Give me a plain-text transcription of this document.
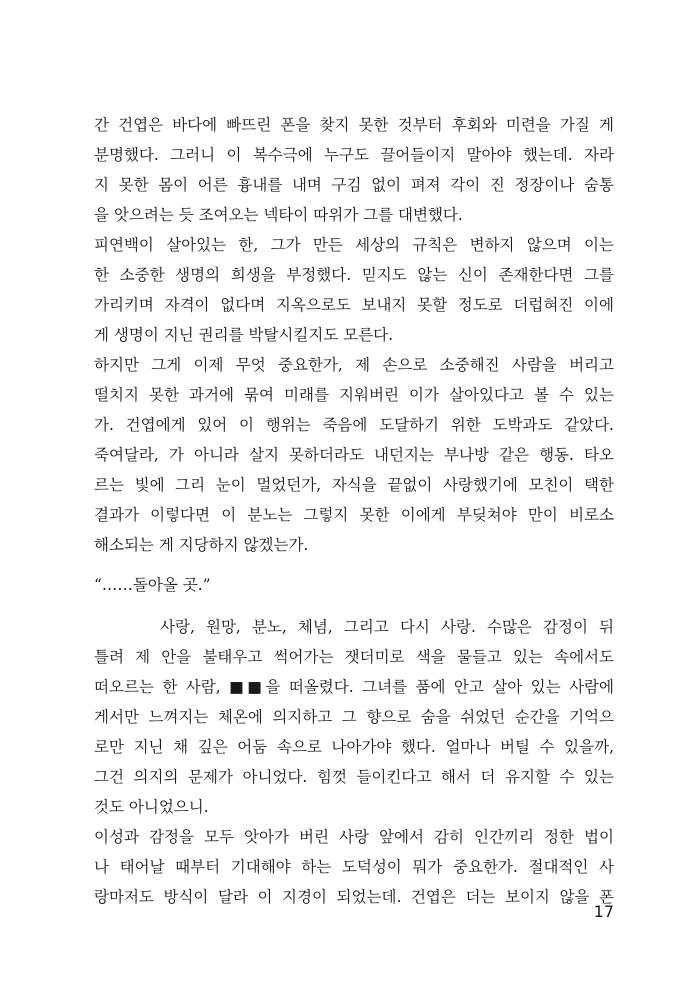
간 건엽은 바다에 빠뜨린 폰을 찾지 못한 것부터 후회와 미련을 가질 게
분명했다. 그러니 이 복수극에 누구도 끌어들이지 말아야 했는데. 자라
지 못한 몸이 어른 흉내를 내며 구김 없이 펴져 각이 진 정장이나 숨통
을 앗으려는 듯 조여오는 넥타이 따위가 그를 대변했다.
피연백이 살아있는 한, 그가 만든 세상의 규칙은 변하지 않으며 이는
한 소중한 생명의 희생을 부정했다. 믿지도 않는 신이 존재한다면 그를
가리키며 자격이 없다며 지옥으로도 보내지 못할 정도로 더럽혀진 이에
게 생명이 지닌 권리를 박탈시킬지도 모른다.
하지만 그게 이제 무엇 중요한가, 제 손으로 소중해진 사람을 버리고
떨치지 못한 과거에 묶여 미래를 지워버린 이가 살아있다고 볼 수 있는
가. 건엽에게 있어 이 행위는 죽음에 도달하기 위한 도박과도 같았다.
죽여달라, 가 아니라 살지 못하더라도 내던지는 부나방 같은 행동. 타오
르는 빛에 그리 눈이 멀었던가, 자식을 끝없이 사랑했기에 모친이 택한
결과가 이렇다면 이 분노는 그렇지 못한 이에게 부딪쳐야 만이 비로소
해소되는 게 지당하지 않겠는가.
“……돌아올 곳.”
사랑, 원망, 분노, 체념, 그리고 다시 사랑. 수많은 감정이 뒤
틀려 제 안을 불태우고 썩어가는 잿더미로 색을 물들고 있는 속에서도
떠오르는 한 사람, ■■을 떠올렸다. 그녀를 품에 안고 살아 있는 사람에
게서만 느껴지는 체온에 의지하고 그 향으로 숨을 쉬었던 순간을 기억으
로만 지닌 채 깊은 어둠 속으로 나아가야 했다. 얼마나 버틸 수 있을까,
그건 의지의 문제가 아니었다. 힘껏 들이킨다고 해서 더 유지할 수 있는
것도 아니었으니.
이성과 감정을 모두 앗아가 버린 사랑 앞에서 감히 인간끼리 정한 법이
나 태어날 때부터 기대해야 하는 도덕성이 뭐가 중요한가. 절대적인 사
랑마저도 방식이 달라 이 지경이 되었는데. 건엽은 더는 보이지 않을 폰
17
